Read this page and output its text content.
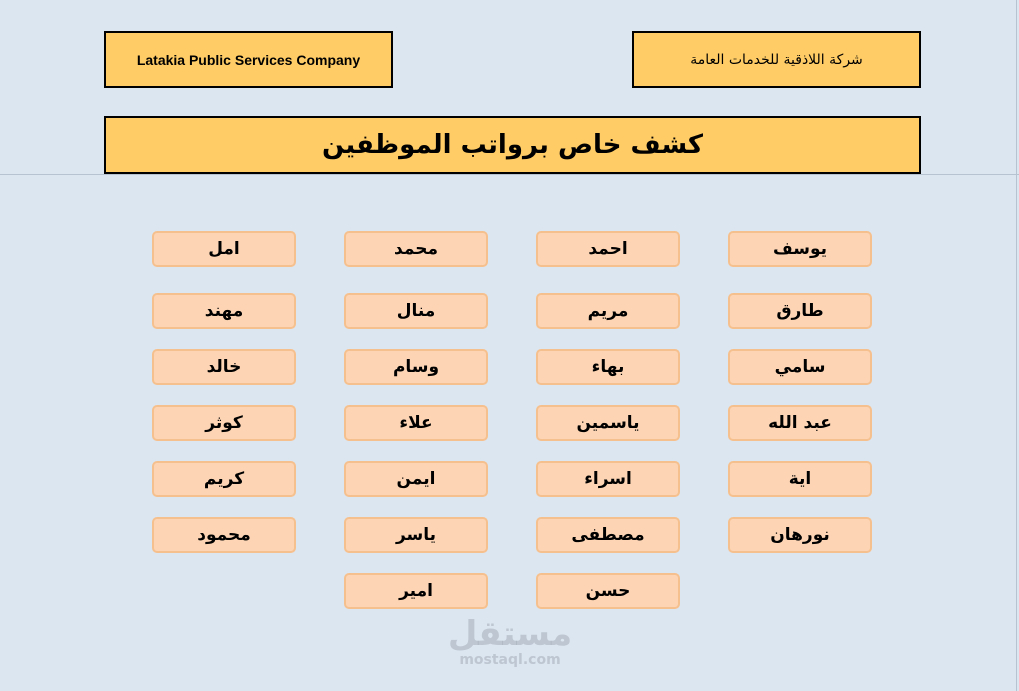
Latakia Public Services Company	شركة اللاذقية للخدمات العامة
كشف خاص برواتب الموظفين
يوسف
طارق
سامي
عبد الله
اية
نورهان
احمد
مريم
بهاء
ياسمين
اسراء
مصطفى
حسن
محمد
منال
وسام
علاء
ايمن
ياسر
امير
امل
مهند
خالد
كوثر
كريم
محمود
مستقل
mostaql.com
